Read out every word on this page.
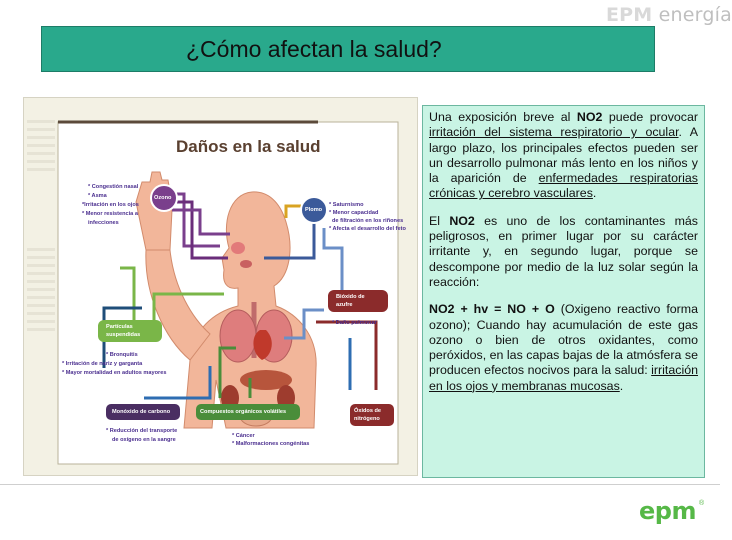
EPM energía
¿Cómo afectan la salud?
Daños en la salud
* Congestión nasal
* Asma
*Irritación en los ojos
* Menor resistencia a
infecciones
Ozono
Plomo
* Saturnismo
* Menor capacidad
de filtración en los riñones
* Afecta el desarrollo del feto
Partículas
suspendidas
* Bronquitis
* Irritación de nariz y garganta
* Mayor mortalidad en adultos mayores
Bióxido de
azufre
* Daño pulmonar
Monóxido de carbono
* Reducción del transporte
de oxígeno en la sangre
Compuestos orgánicos volátiles
* Cáncer
* Malformaciones congénitas
Óxidos de
nitrógeno

Una exposición breve al NO2 puede provocar irritación del sistema respiratorio y ocular. A largo plazo, los principales efectos pueden ser un desarrollo pulmonar más lento en los niños y la aparición de enfermedades respiratorias crónicas y cerebro vasculares.

El NO2 es uno de los contaminantes más peligrosos, en primer lugar por su carácter irritante y, en segundo lugar, porque se descompone por medio de la luz solar según la reacción:

NO2 + hv = NO + O (Oxigeno reactivo forma ozono); Cuando hay acumulación de este gas ozono o bien de otros oxidantes, como peróxidos, en las capas bajas de la atmósfera se producen efectos nocivos para la salud: irritación en los ojos y membranas mucosas.

epm ®
